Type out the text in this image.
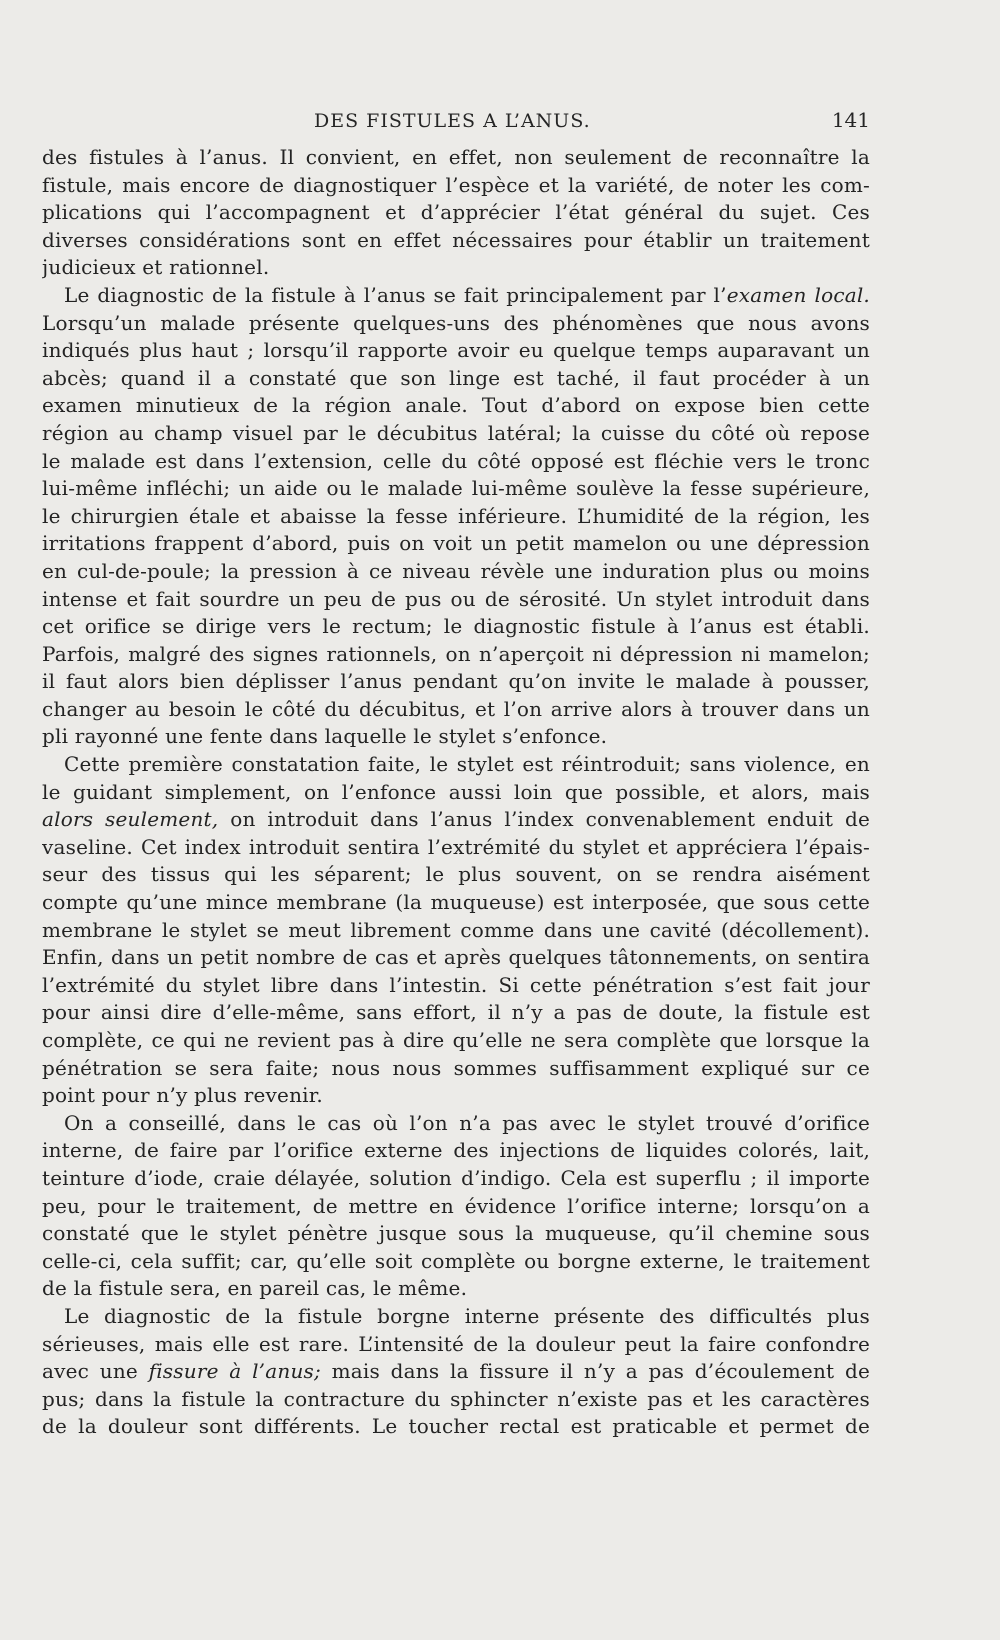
DES FISTULES A L’ANUS.	141
des fistules à l’anus. Il convient, en effet, non seulement de reconnaître la
fistule, mais encore de diagnostiquer l’espèce et la variété, de noter les com-
plications qui l’accompagnent et d’apprécier l’état général du sujet. Ces
diverses considérations sont en effet nécessaires pour établir un traitement
judicieux et rationnel.
Le diagnostic de la fistule à l’anus se fait principalement par l’examen local.
Lorsqu’un malade présente quelques-uns des phénomènes que nous avons
indiqués plus haut ; lorsqu’il rapporte avoir eu quelque temps auparavant un
abcès; quand il a constaté que son linge est taché, il faut procéder à un
examen minutieux de la région anale. Tout d’abord on expose bien cette
région au champ visuel par le décubitus latéral; la cuisse du côté où repose
le malade est dans l’extension, celle du côté opposé est fléchie vers le tronc
lui-même infléchi; un aide ou le malade lui-même soulève la fesse supérieure,
le chirurgien étale et abaisse la fesse inférieure. L’humidité de la région, les
irritations frappent d’abord, puis on voit un petit mamelon ou une dépression
en cul-de-poule; la pression à ce niveau révèle une induration plus ou moins
intense et fait sourdre un peu de pus ou de sérosité. Un stylet introduit dans
cet orifice se dirige vers le rectum; le diagnostic fistule à l’anus est établi.
Parfois, malgré des signes rationnels, on n’aperçoit ni dépression ni mamelon;
il faut alors bien déplisser l’anus pendant qu’on invite le malade à pousser,
changer au besoin le côté du décubitus, et l’on arrive alors à trouver dans un
pli rayonné une fente dans laquelle le stylet s’enfonce.
Cette première constatation faite, le stylet est réintroduit; sans violence, en
le guidant simplement, on l’enfonce aussi loin que possible, et alors, mais
alors seulement, on introduit dans l’anus l’index convenablement enduit de
vaseline. Cet index introduit sentira l’extrémité du stylet et appréciera l’épais-
seur des tissus qui les séparent; le plus souvent, on se rendra aisément
compte qu’une mince membrane (la muqueuse) est interposée, que sous cette
membrane le stylet se meut librement comme dans une cavité (décollement).
Enfin, dans un petit nombre de cas et après quelques tâtonnements, on sentira
l’extrémité du stylet libre dans l’intestin. Si cette pénétration s’est fait jour
pour ainsi dire d’elle-même, sans effort, il n’y a pas de doute, la fistule est
complète, ce qui ne revient pas à dire qu’elle ne sera complète que lorsque la
pénétration se sera faite; nous nous sommes suffisamment expliqué sur ce
point pour n’y plus revenir.
On a conseillé, dans le cas où l’on n’a pas avec le stylet trouvé d’orifice
interne, de faire par l’orifice externe des injections de liquides colorés, lait,
teinture d’iode, craie délayée, solution d’indigo. Cela est superflu ; il importe
peu, pour le traitement, de mettre en évidence l’orifice interne; lorsqu’on a
constaté que le stylet pénètre jusque sous la muqueuse, qu’il chemine sous
celle-ci, cela suffit; car, qu’elle soit complète ou borgne externe, le traitement
de la fistule sera, en pareil cas, le même.
Le diagnostic de la fistule borgne interne présente des difficultés plus
sérieuses, mais elle est rare. L’intensité de la douleur peut la faire confondre
avec une fissure à l’anus; mais dans la fissure il n’y a pas d’écoulement de
pus; dans la fistule la contracture du sphincter n’existe pas et les caractères
de la douleur sont différents. Le toucher rectal est praticable et permet de
